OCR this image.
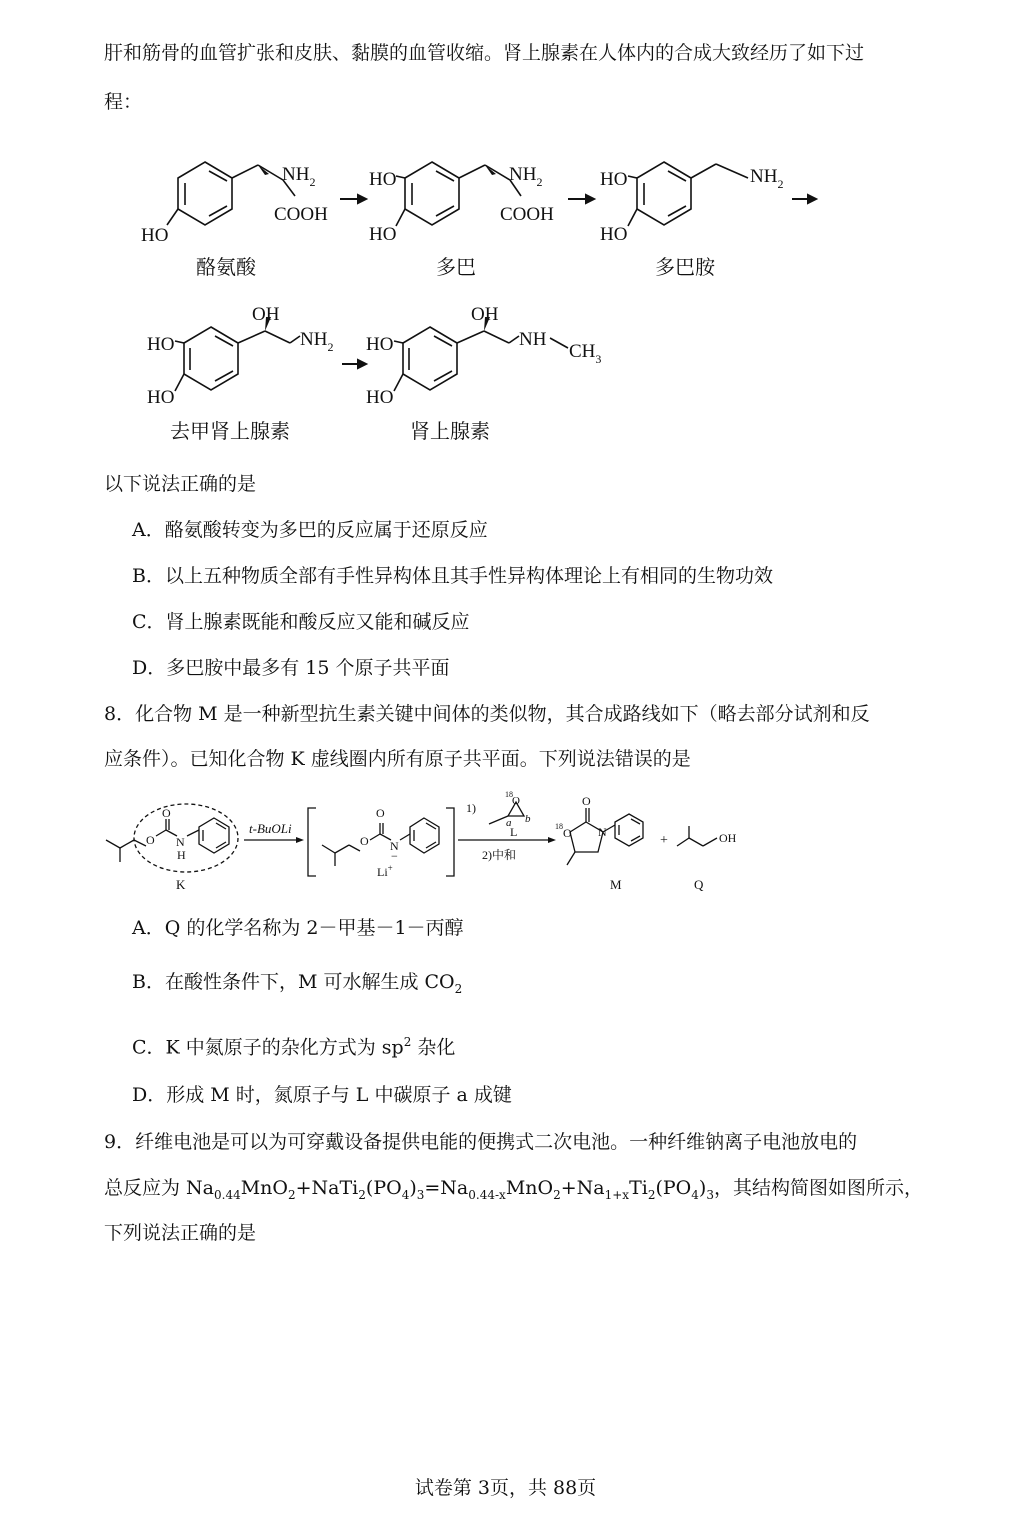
肝和筋骨的血管扩张和皮肤、黏膜的血管收缩。肾上腺素在人体内的合成大致经历了如下过
程：
$NH_2$
COOH
HO
HO
HO
$NH_2$
COOH
HO
HO
$NH_2$
HO
HO
OH
$NH_2$ HO
HO
OH
NH
$CH_3$
酪氨酸	多巴	多巴胺
去甲肾上腺素	肾上腺素
O N
H
O
K
t-BuOLi
O
O
N
Li+
−
1)
18
O
a b
L
2)中和
O
18 O N
M
+	OH
Q
以下说法正确的是
A．酪氨酸转变为多巴的反应属于还原反应
B．以上五种物质全部有手性异构体且其手性异构体理论上有相同的生物功效
C．肾上腺素既能和酸反应又能和碱反应
D．多巴胺中最多有 15 个原子共平面
8．化合物 M 是一种新型抗生素关键中间体的类似物，其合成路线如下（略去部分试剂和反
应条件）。已知化合物 K 虚线圈内所有原子共平面。下列说法错误的是
A．Q 的化学名称为 2－甲基－1－丙醇
B．在酸性条件下，M 可水解生成 $CO_2$
C．K 中氮原子的杂化方式为 $sp^2$ 杂化
D．形成 M 时，氮原子与 L 中碳原子 a 成键
9．纤维电池是可以为可穿戴设备提供电能的便携式二次电池。一种纤维钠离子电池放电的
总反应为 $Na_{0.44}MnO_2+NaTi_2(PO_4)_3=Na_{0.44-x}MnO_2+Na_{1+x}Ti_2(PO_4)_3$，其结构简图如图所示，
下列说法正确的是
试卷第 3页，共 88页
